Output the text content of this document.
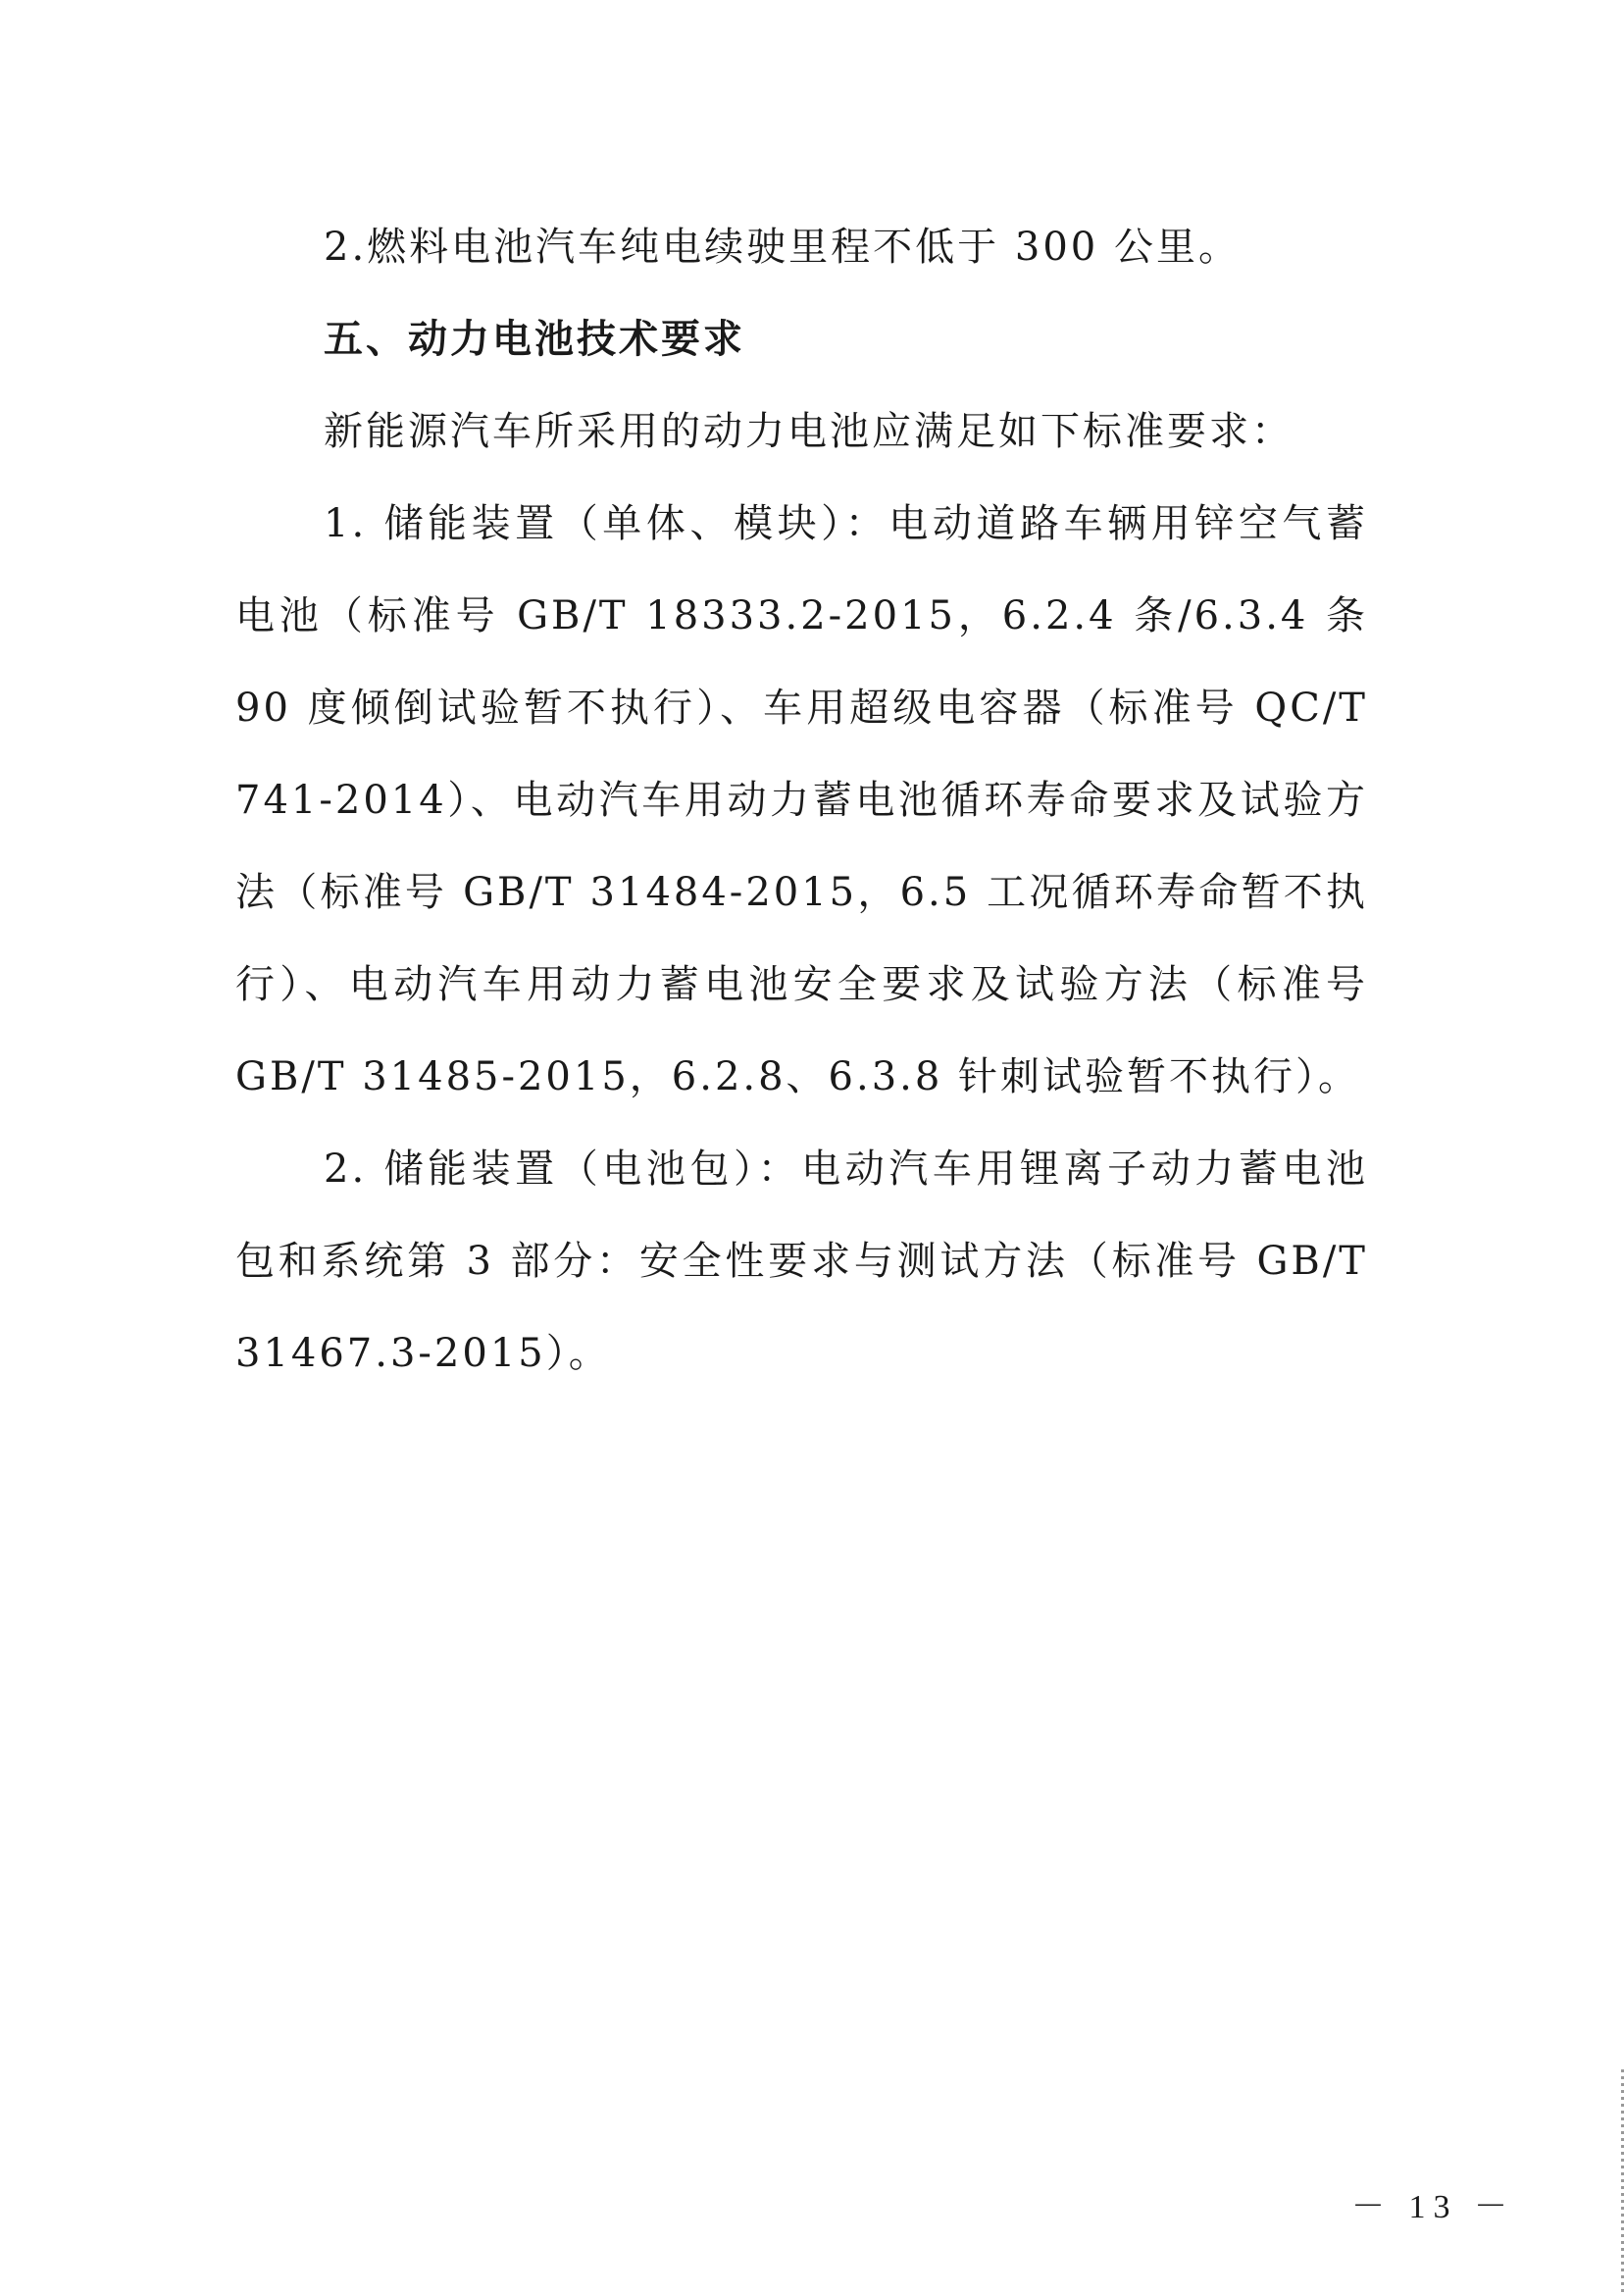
2.燃料电池汽车纯电续驶里程不低于 300 公里。

五、动力电池技术要求

新能源汽车所采用的动力电池应满足如下标准要求：

1. 储能装置（单体、模块）：电动道路车辆用锌空气蓄电池（标准号 GB/T 18333.2-2015，6.2.4 条/6.3.4 条 90 度倾倒试验暂不执行）、车用超级电容器（标准号 QC/T 741-2014）、电动汽车用动力蓄电池循环寿命要求及试验方法（标准号 GB/T 31484-2015，6.5 工况循环寿命暂不执行）、电动汽车用动力蓄电池安全要求及试验方法（标准号 GB/T 31485-2015，6.2.8、6.3.8 针刺试验暂不执行）。

2. 储能装置（电池包）：电动汽车用锂离子动力蓄电池包和系统第 3 部分：安全性要求与测试方法（标准号 GB/T 31467.3-2015）。

－ 13 －
